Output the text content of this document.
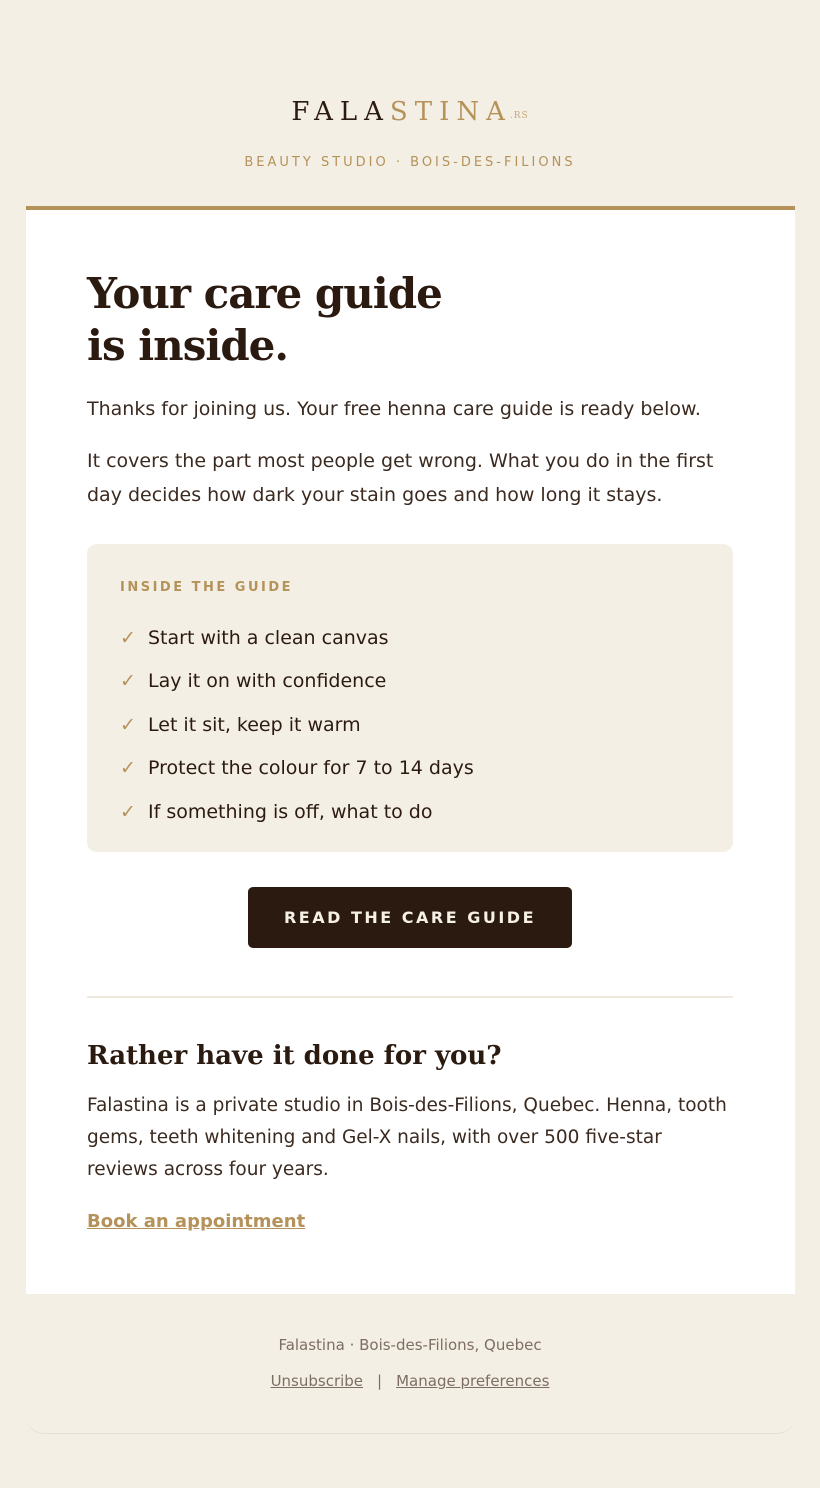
FALASTINA.RS
BEAUTY STUDIO · BOIS-DES-FILIONS
Your care guide
is inside.

Thanks for joining us. Your free henna care guide is ready below.

It covers the part most people get wrong. What you do in the first day decides how dark your stain goes and how long it stays.

INSIDE THE GUIDE
✓ Start with a clean canvas
✓ Lay it on with confidence
✓ Let it sit, keep it warm
✓ Protect the colour for 7 to 14 days
✓ If something is off, what to do
READ THE CARE GUIDE
Rather have it done for you?

Falastina is a private studio in Bois-des-Filions, Quebec. Henna, tooth gems, teeth whitening and Gel-X nails, with over 500 five-star reviews across four years.

Book an appointment
Falastina · Bois-des-Filions, Quebec
Unsubscribe | Manage preferences
